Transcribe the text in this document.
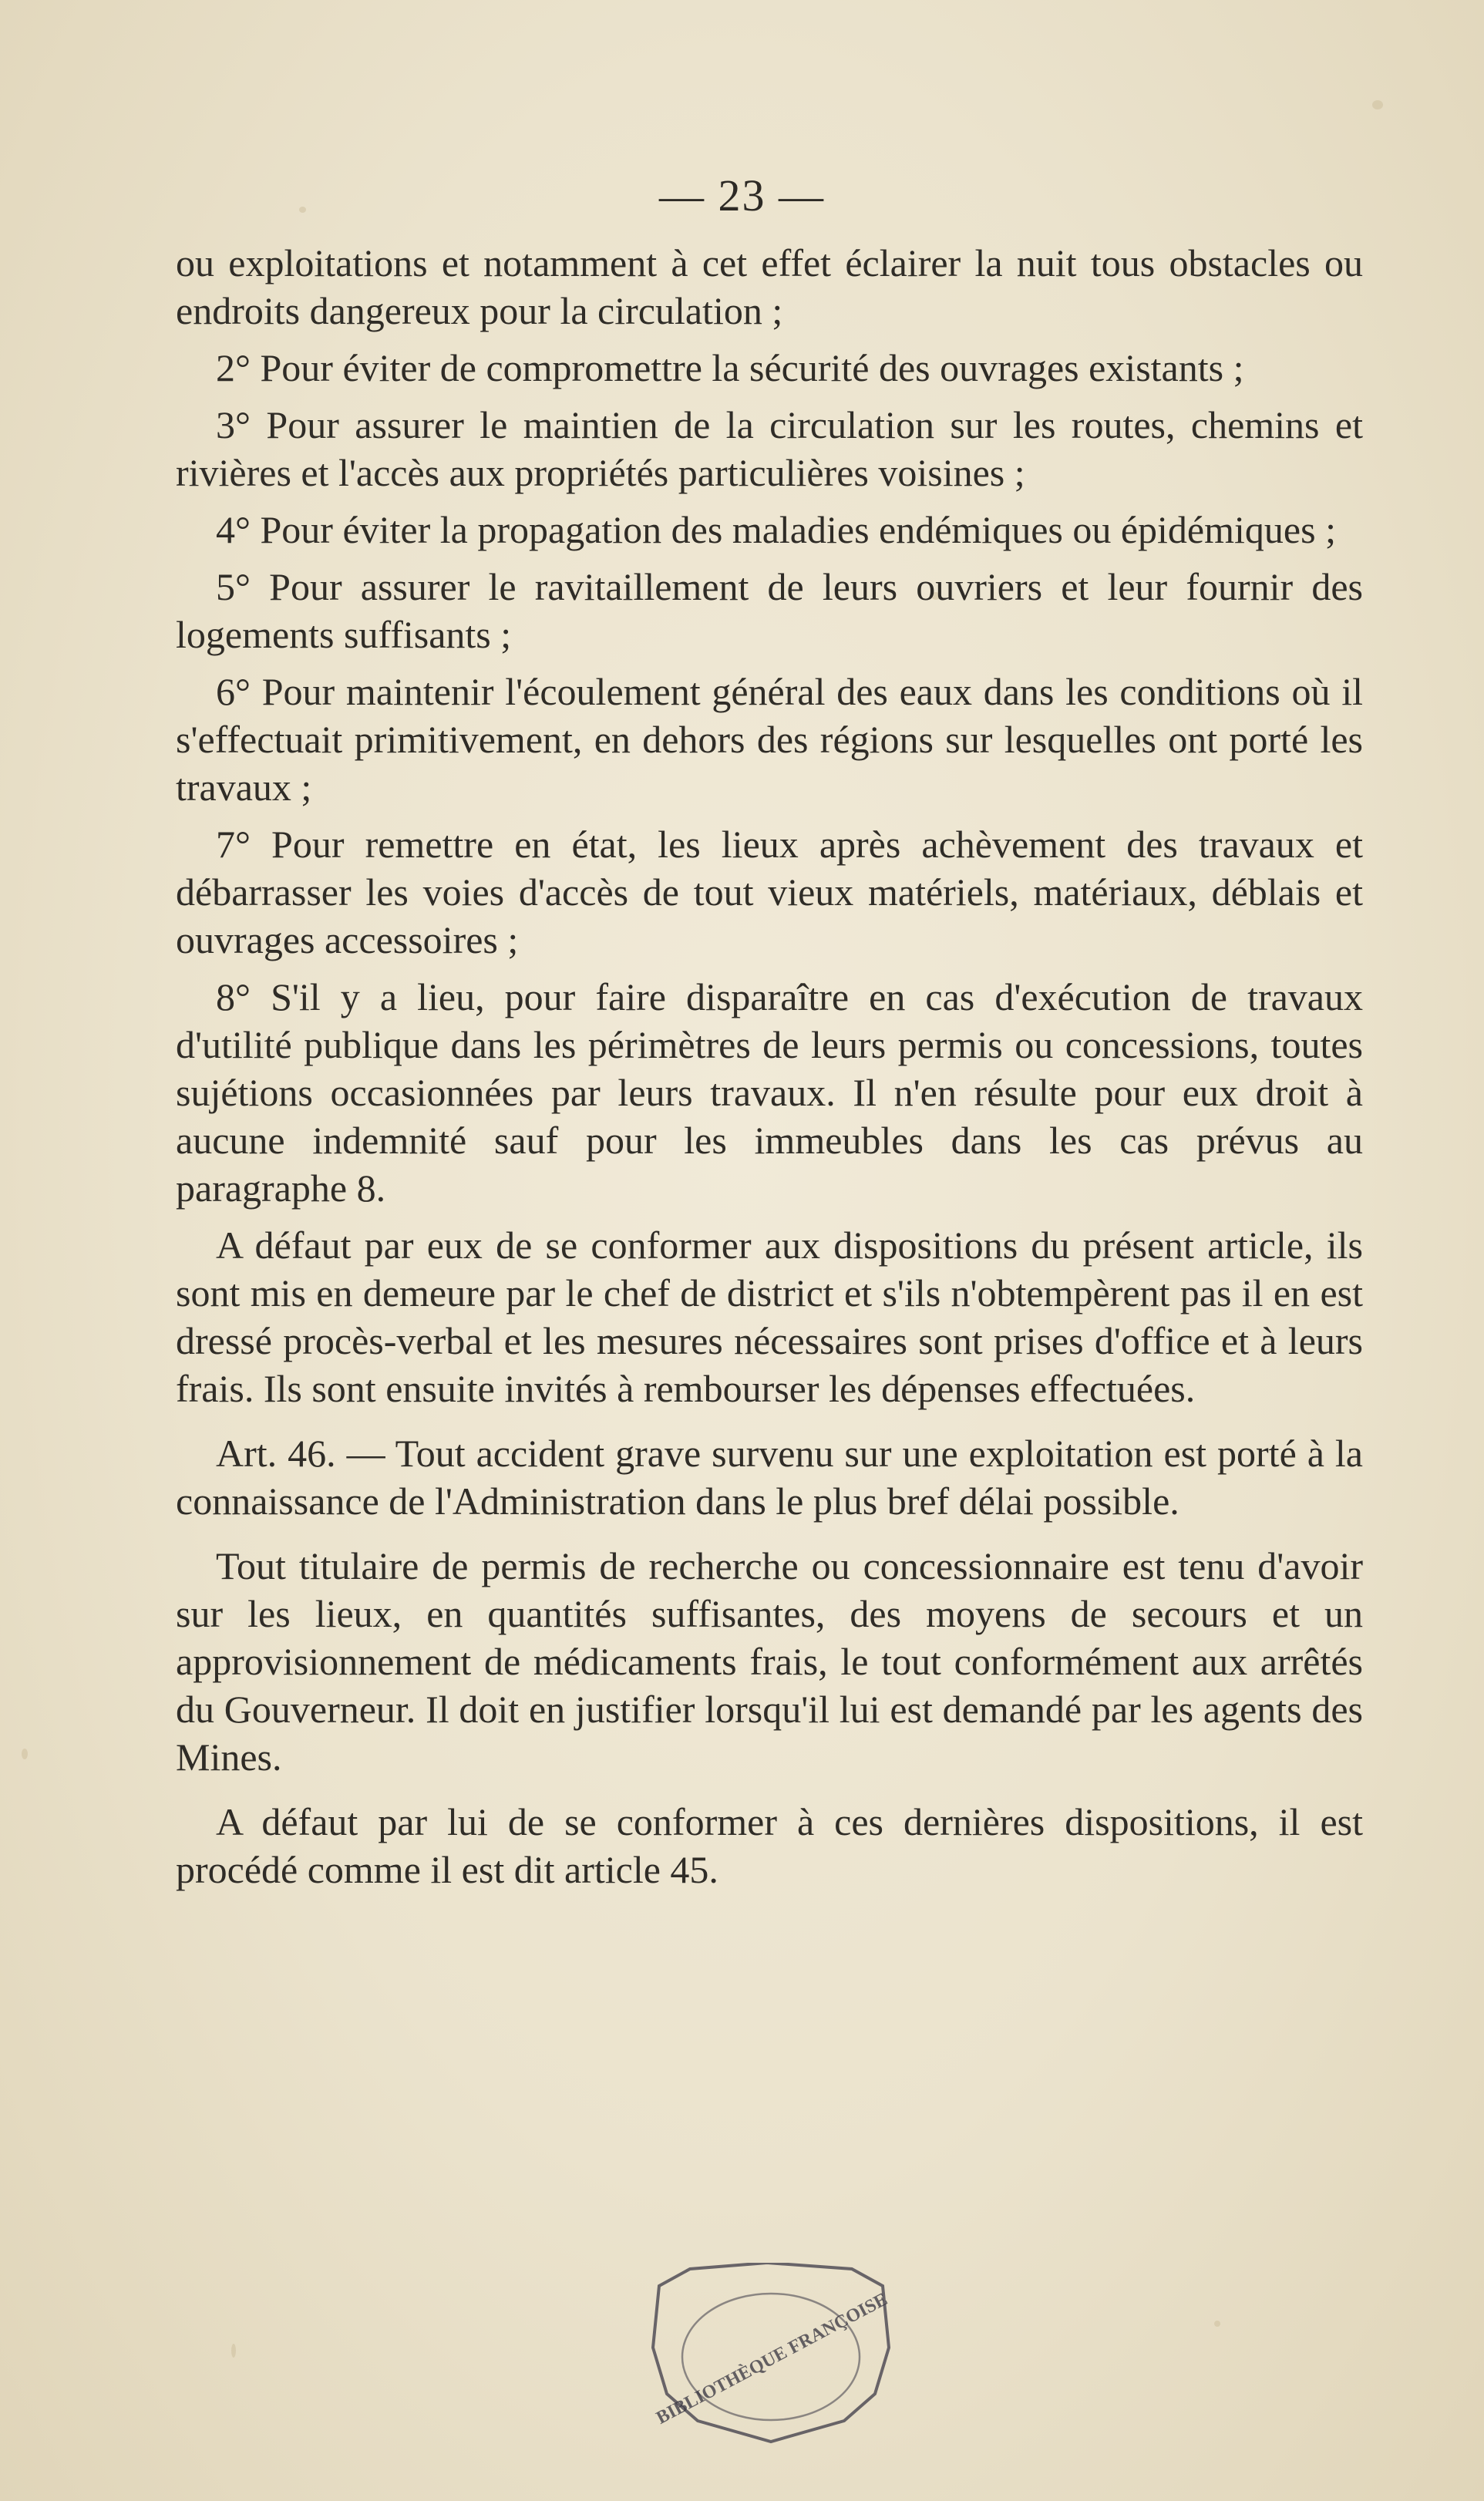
— 23 —

ou exploitations et notamment à cet effet éclairer la nuit tous obstacles ou endroits dangereux pour la circulation ;

2° Pour éviter de compromettre la sécurité des ouvrages existants ;

3° Pour assurer le maintien de la circulation sur les routes, chemins et rivières et l'accès aux propriétés particulières voisines ;

4° Pour éviter la propagation des maladies endémiques ou épidémiques ;

5° Pour assurer le ravitaillement de leurs ouvriers et leur fournir des logements suffisants ;

6° Pour maintenir l'écoulement général des eaux dans les conditions où il s'effectuait primitivement, en dehors des régions sur lesquelles ont porté les travaux ;

7° Pour remettre en état, les lieux après achèvement des travaux et débarrasser les voies d'accès de tout vieux matériels, matériaux, déblais et ouvrages accessoires ;

8° S'il y a lieu, pour faire disparaître en cas d'exécution de travaux d'utilité publique dans les périmètres de leurs permis ou concessions, toutes sujétions occasionnées par leurs travaux. Il n'en résulte pour eux droit à aucune indemnité sauf pour les immeubles dans les cas prévus au paragraphe 8.

A défaut par eux de se conformer aux dispositions du présent article, ils sont mis en demeure par le chef de district et s'ils n'obtempèrent pas il en est dressé procès-verbal et les mesures nécessaires sont prises d'office et à leurs frais. Ils sont ensuite invités à rembourser les dépenses effectuées.

Art. 46. — Tout accident grave survenu sur une exploitation est porté à la connaissance de l'Administration dans le plus bref délai possible.

Tout titulaire de permis de recherche ou concessionnaire est tenu d'avoir sur les lieux, en quantités suffisantes, des moyens de secours et un approvisionnement de médicaments frais, le tout conformément aux arrêtés du Gouverneur. Il doit en justifier lorsqu'il lui est demandé par les agents des Mines.

A défaut par lui de se conformer à ces dernières dispositions, il est procédé comme il est dit article 45.

BIBLIOTHÈQUE FRANÇOISE
